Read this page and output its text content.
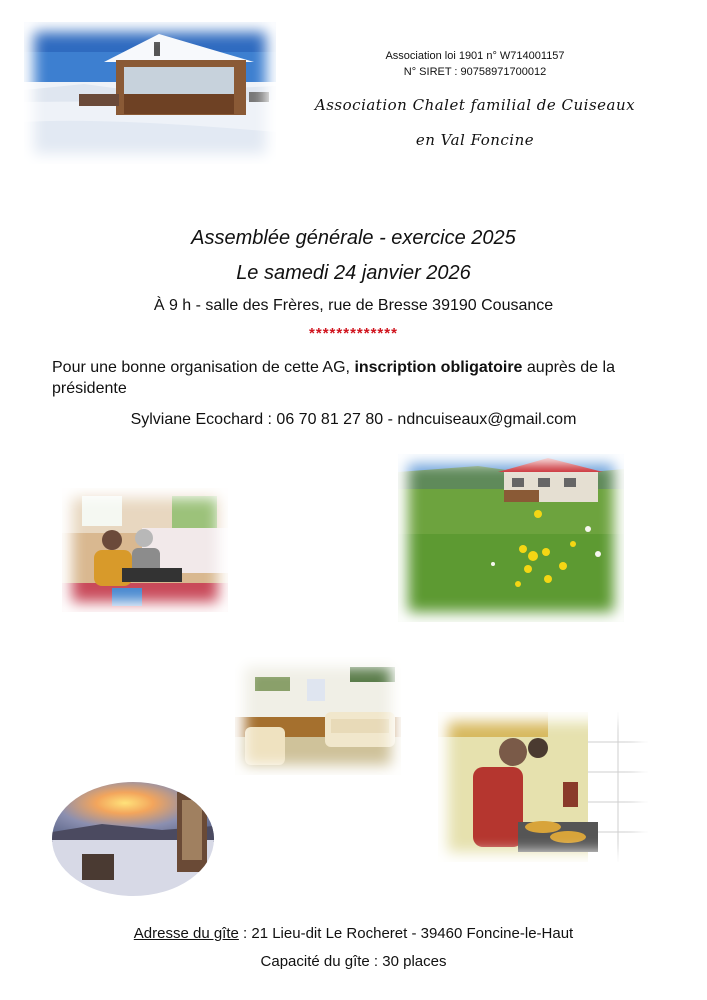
Association loi 1901 n° W714001157
N° SIRET : 90758971700012
Association Chalet familial de Cuiseaux
en Val Foncine
Assemblée générale - exercice 2025
Le samedi 24 janvier 2026
À 9 h - salle des Frères, rue de Bresse 39190 Cousance
*************
Pour une bonne organisation de cette AG, inscription obligatoire auprès de la présidente
Sylviane Ecochard : 06 70 81 27 80 - ndncuiseaux@gmail.com
Adresse du gîte : 21 Lieu-dit Le Rocheret - 39460 Foncine-le-Haut
Capacité du gîte : 30 places
